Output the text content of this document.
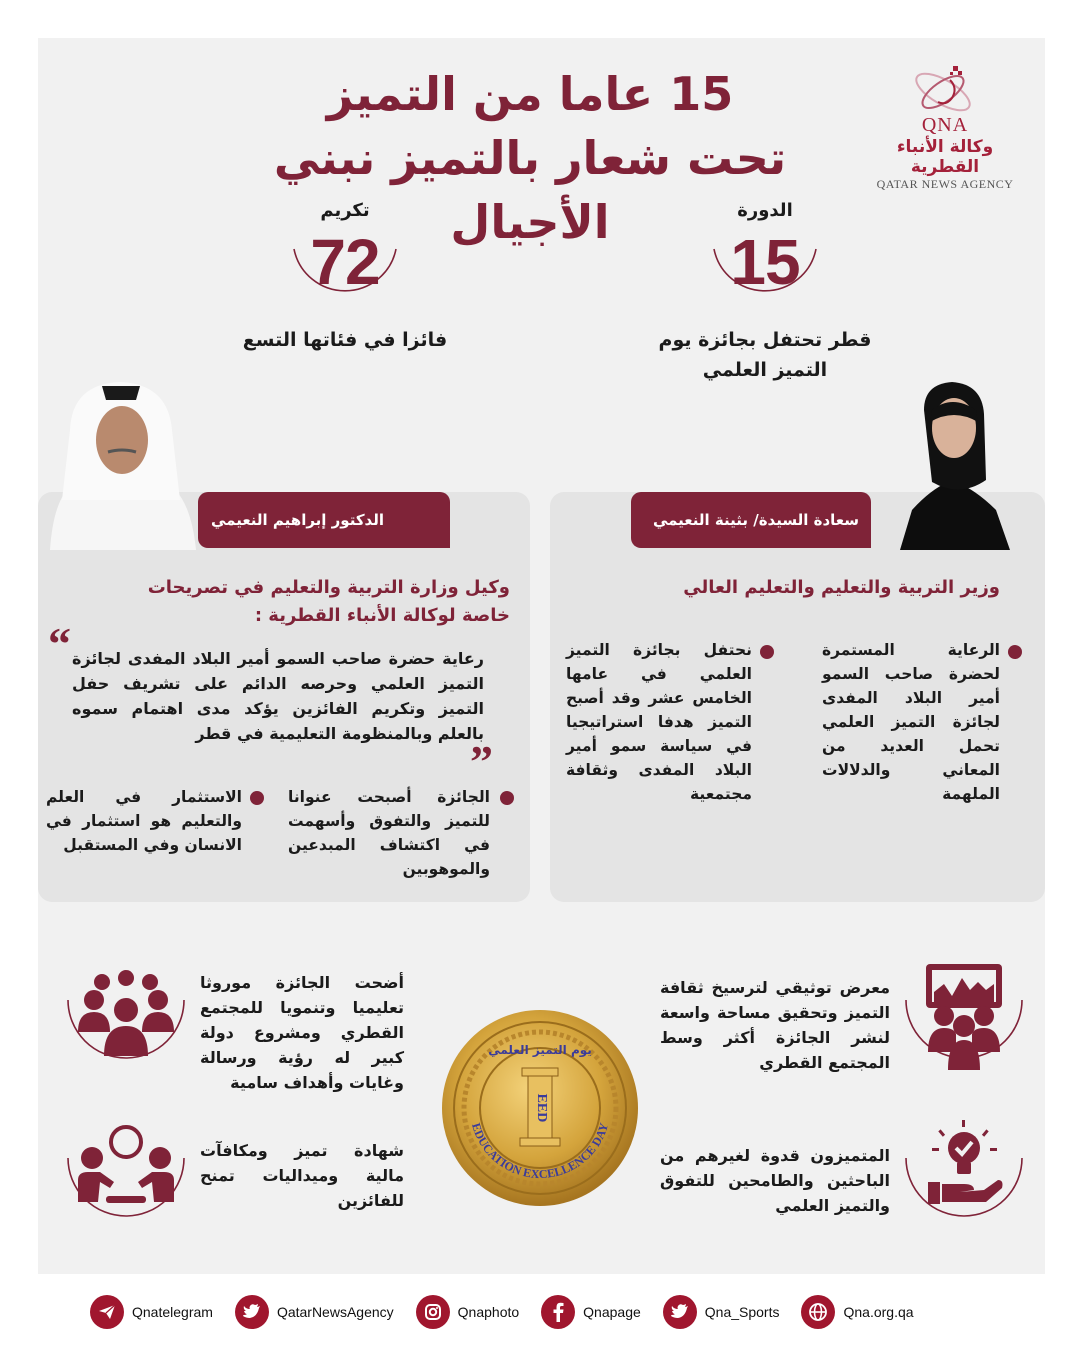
15 عاما من التميز
تحت شعار بالتميز نبني الأجيال
QNA
وكالة الأنباء القطرية
QATAR NEWS AGENCY
الدورة
15
قطر تحتفل بجائزة يوم
التميز العلمي
تكريم
72
فائزا في فئاتها التسع
سعادة السيدة/ بثينة النعيمي
وزير التربية والتعليم والتعليم العالي
الرعاية المستمرة لحضرة صاحب السمو أمير البلاد المفدى لجائزة التميز العلمي تحمل العديد من المعاني والدلالات الملهمة
نحتفل بجائزة التميز العلمي في عامها الخامس عشر وقد أصبح التميز هدفا استراتيجيا في سياسة سمو أمير البلاد المفدى وثقافة مجتمعية
الدكتور إبراهيم النعيمي
وكيل وزارة التربية والتعليم في تصريحات خاصة لوكالة الأنباء القطرية :
“ رعاية حضرة صاحب السمو أمير البلاد المفدى لجائزة التميز العلمي وحرصه الدائم على تشريف حفل التميز وتكريم الفائزين يؤكد مدى اهتمام سموه بالعلم وبالمنظومة التعليمية في قطر
”
الجائزة أصبحت عنوانا للتميز والتفوق وأسهمت في اكتشاف المبدعين والموهوبين
الاستثمار في العلم والتعليم هو استثمار في الانسان وفي المستقبل
أضحت الجائزة موروثا تعليميا وتنمويا للمجتمع القطري ومشروع دولة كبير له رؤية ورسالة وغايات وأهداف سامية
شهادة تميز ومكافآت مالية وميداليات تمنح للفائزين
معرض توثيقي لترسيخ ثقافة التميز وتحقيق مساحة واسعة لنشر الجائزة أكثر وسط المجتمع القطري
المتميزون قدوة لغيرهم من الباحثين والطامحين للتفوق والتميز العلمي
EED
EDUCATION EXCELLENCE DAY
يوم التميز العلمي
Qnatelegram	QatarNewsAgency	Qnaphoto	Qnapage	Qna_Sports	Qna.org.qa
